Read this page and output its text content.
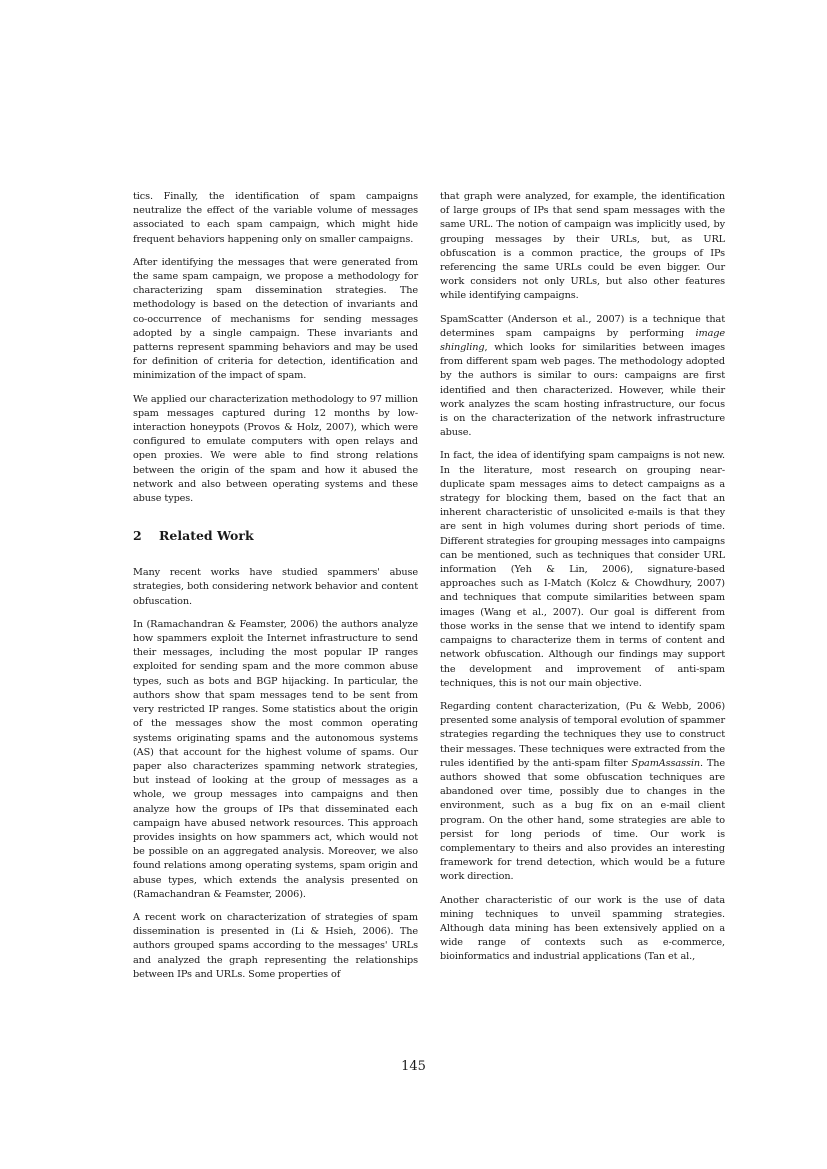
tics. Finally, the identification of spam campaigns neutralize the effect of the variable volume of messages associated to each spam campaign, which might hide frequent behaviors happening only on smaller campaigns.

After identifying the messages that were generated from the same spam campaign, we propose a methodology for characterizing spam dissemination strategies. The methodology is based on the detection of invariants and co-occurrence of mechanisms for sending messages adopted by a single campaign. These invariants and patterns represent spamming behaviors and may be used for definition of criteria for detection, identification and minimization of the impact of spam.

We applied our characterization methodology to 97 million spam messages captured during 12 months by low-interaction honeypots (Provos & Holz, 2007), which were configured to emulate computers with open relays and open proxies. We were able to find strong relations between the origin of the spam and how it abused the network and also between operating systems and these abuse types.

2 Related Work

Many recent works have studied spammers' abuse strategies, both considering network behavior and content obfuscation.

In (Ramachandran & Feamster, 2006) the authors analyze how spammers exploit the Internet infrastructure to send their messages, including the most popular IP ranges exploited for sending spam and the more common abuse types, such as bots and BGP hijacking. In particular, the authors show that spam messages tend to be sent from very restricted IP ranges. Some statistics about the origin of the messages show the most common operating systems originating spams and the autonomous systems (AS) that account for the highest volume of spams. Our paper also characterizes spamming network strategies, but instead of looking at the group of messages as a whole, we group messages into campaigns and then analyze how the groups of IPs that disseminated each campaign have abused network resources. This approach provides insights on how spammers act, which would not be possible on an aggregated analysis. Moreover, we also found relations among operating systems, spam origin and abuse types, which extends the analysis presented on (Ramachandran & Feamster, 2006).

A recent work on characterization of strategies of spam dissemination is presented in (Li & Hsieh, 2006). The authors grouped spams according to the messages' URLs and analyzed the graph representing the relationships between IPs and URLs. Some properties of

that graph were analyzed, for example, the identification of large groups of IPs that send spam messages with the same URL. The notion of campaign was implicitly used, by grouping messages by their URLs, but, as URL obfuscation is a common practice, the groups of IPs referencing the same URLs could be even bigger. Our work considers not only URLs, but also other features while identifying campaigns.

SpamScatter (Anderson et al., 2007) is a technique that determines spam campaigns by performing image shingling, which looks for similarities between images from different spam web pages. The methodology adopted by the authors is similar to ours: campaigns are first identified and then characterized. However, while their work analyzes the scam hosting infrastructure, our focus is on the characterization of the network infrastructure abuse.

In fact, the idea of identifying spam campaigns is not new. In the literature, most research on grouping near-duplicate spam messages aims to detect campaigns as a strategy for blocking them, based on the fact that an inherent characteristic of unsolicited e-mails is that they are sent in high volumes during short periods of time. Different strategies for grouping messages into campaigns can be mentioned, such as techniques that consider URL information (Yeh & Lin, 2006), signature-based approaches such as I-Match (Kolcz & Chowdhury, 2007) and techniques that compute similarities between spam images (Wang et al., 2007). Our goal is different from those works in the sense that we intend to identify spam campaigns to characterize them in terms of content and network obfuscation. Although our findings may support the development and improvement of anti-spam techniques, this is not our main objective.

Regarding content characterization, (Pu & Webb, 2006) presented some analysis of temporal evolution of spammer strategies regarding the techniques they use to construct their messages. These techniques were extracted from the rules identified by the anti-spam filter SpamAssassin. The authors showed that some obfuscation techniques are abandoned over time, possibly due to changes in the environment, such as a bug fix on an e-mail client program. On the other hand, some strategies are able to persist for long periods of time. Our work is complementary to theirs and also provides an interesting framework for trend detection, which would be a future work direction.

Another characteristic of our work is the use of data mining techniques to unveil spamming strategies. Although data mining has been extensively applied on a wide range of contexts such as e-commerce, bioinformatics and industrial applications (Tan et al.,

145
